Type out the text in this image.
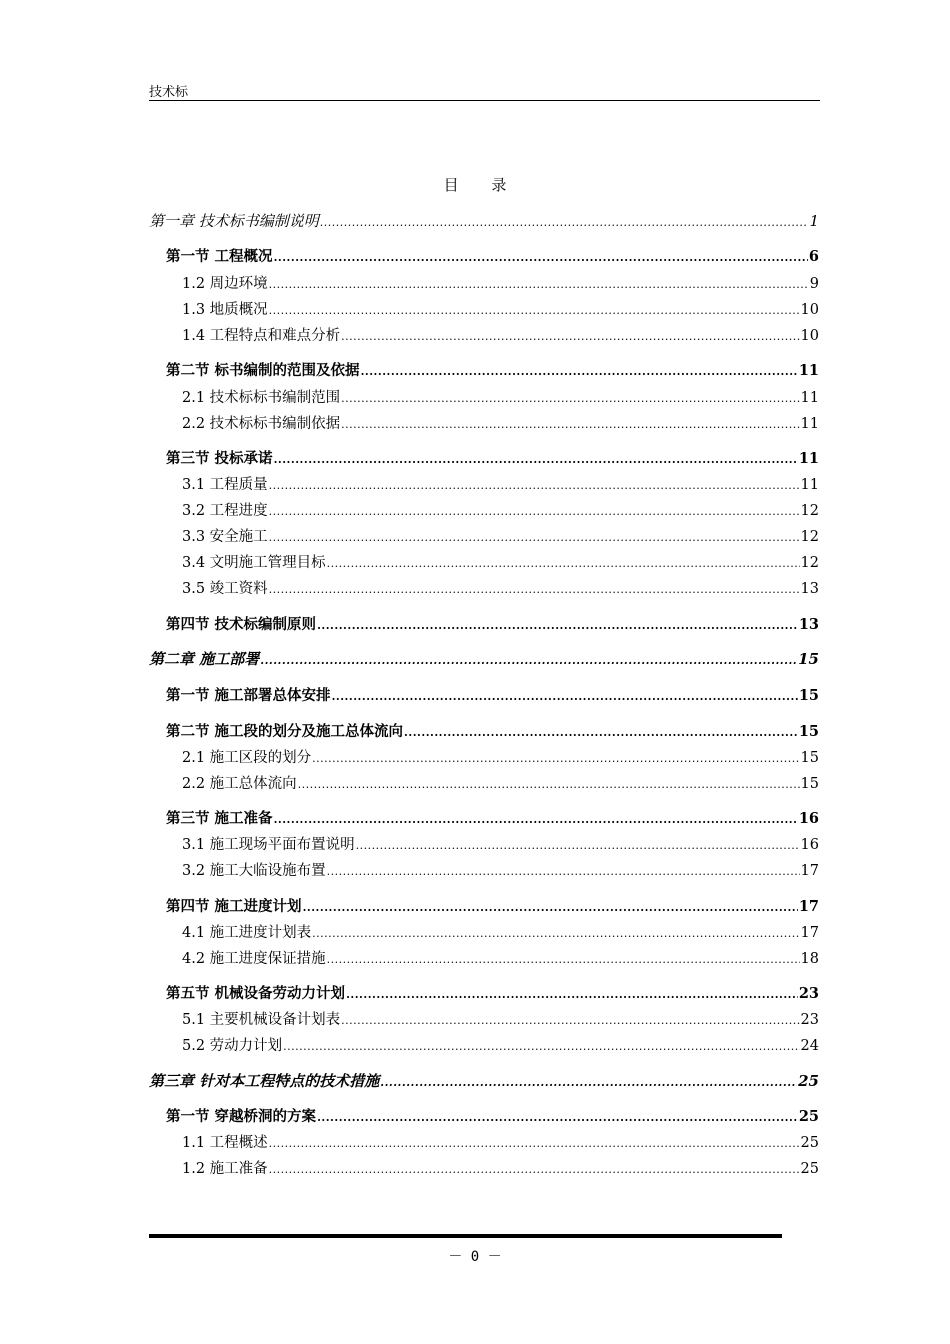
技术标
目 录
第一章 技术标书编制说明 .....	1
第一节 工程概况 .....	6
1.2 周边环境 .....	9
1.3 地质概况 .....	10
1.4 工程特点和难点分析 .....	10
第二节 标书编制的范围及依据 .....	11
2.1 技术标标书编制范围 .....	11
2.2 技术标标书编制依据 .....	11
第三节 投标承诺 .....	11
3.1 工程质量 .....	11
3.2 工程进度 .....	12
3.3 安全施工 .....	12
3.4 文明施工管理目标 .....	12
3.5 竣工资料 .....	13
第四节 技术标编制原则 .....	13
第二章 施工部署 .....	15
第一节 施工部署总体安排 .....	15
第二节 施工段的划分及施工总体流向 .....	15
2.1 施工区段的划分 .....	15
2.2 施工总体流向 .....	15
第三节 施工准备 .....	16
3.1 施工现场平面布置说明 .....	16
3.2 施工大临设施布置 .....	17
第四节 施工进度计划 .....	17
4.1 施工进度计划表 .....	17
4.2 施工进度保证措施 .....	18
第五节 机械设备劳动力计划 .....	23
5.1 主要机械设备计划表 .....	23
5.2 劳动力计划 .....	24
第三章 针对本工程特点的技术措施 .....	25
第一节 穿越桥洞的方案 .....	25
1.1 工程概述 .....	25
1.2 施工准备 .....	25
－ 0 －
